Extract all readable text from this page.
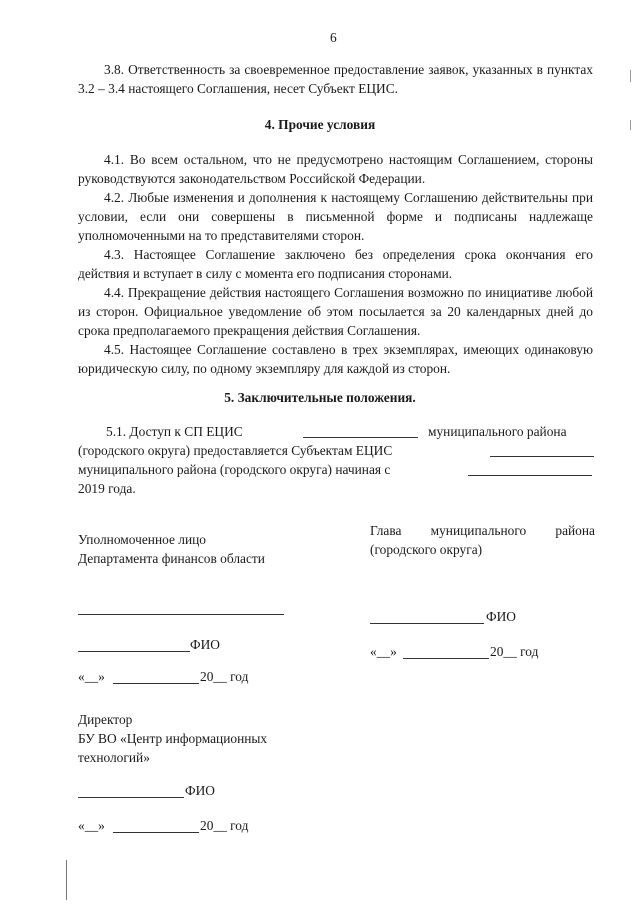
6
3.8. Ответственность за своевременное предоставление заявок, указанных в пунктах 3.2 – 3.4 настоящего Соглашения, несет Субъект ЕЦИС.
4. Прочие условия
4.1. Во всем остальном, что не предусмотрено настоящим Соглашением, стороны руководствуются законодательством Российской Федерации.
4.2. Любые изменения и дополнения к настоящему Соглашению действительны при условии, если они совершены в письменной форме и подписаны надлежаще уполномоченными на то представителями сторон.
4.3. Настоящее Соглашение заключено без определения срока окончания его действия и вступает в силу с момента его подписания сторонами.
4.4. Прекращение действия настоящего Соглашения возможно по инициативе любой из сторон. Официальное уведомление об этом посылается за 20 календарных дней до срока предполагаемого прекращения действия Соглашения.
4.5. Настоящее Соглашение составлено в трех экземплярах, имеющих одинаковую юридическую силу, по одному экземпляру для каждой из сторон.
5. Заключительные положения.
5.1. Доступ к СП ЕЦИС	муниципального района
(городского округа) предоставляется Субъектам ЕЦИС
муниципального района (городского округа) начиная с
2019 года.
Уполномоченное лицо
Департамента финансов области
ФИО
«__»	20__ год
Глава муниципального района
(городского округа)
ФИО
«__»	20__ год
Директор
БУ ВО «Центр информационных
технологий»
ФИО
«__»	20__ год
